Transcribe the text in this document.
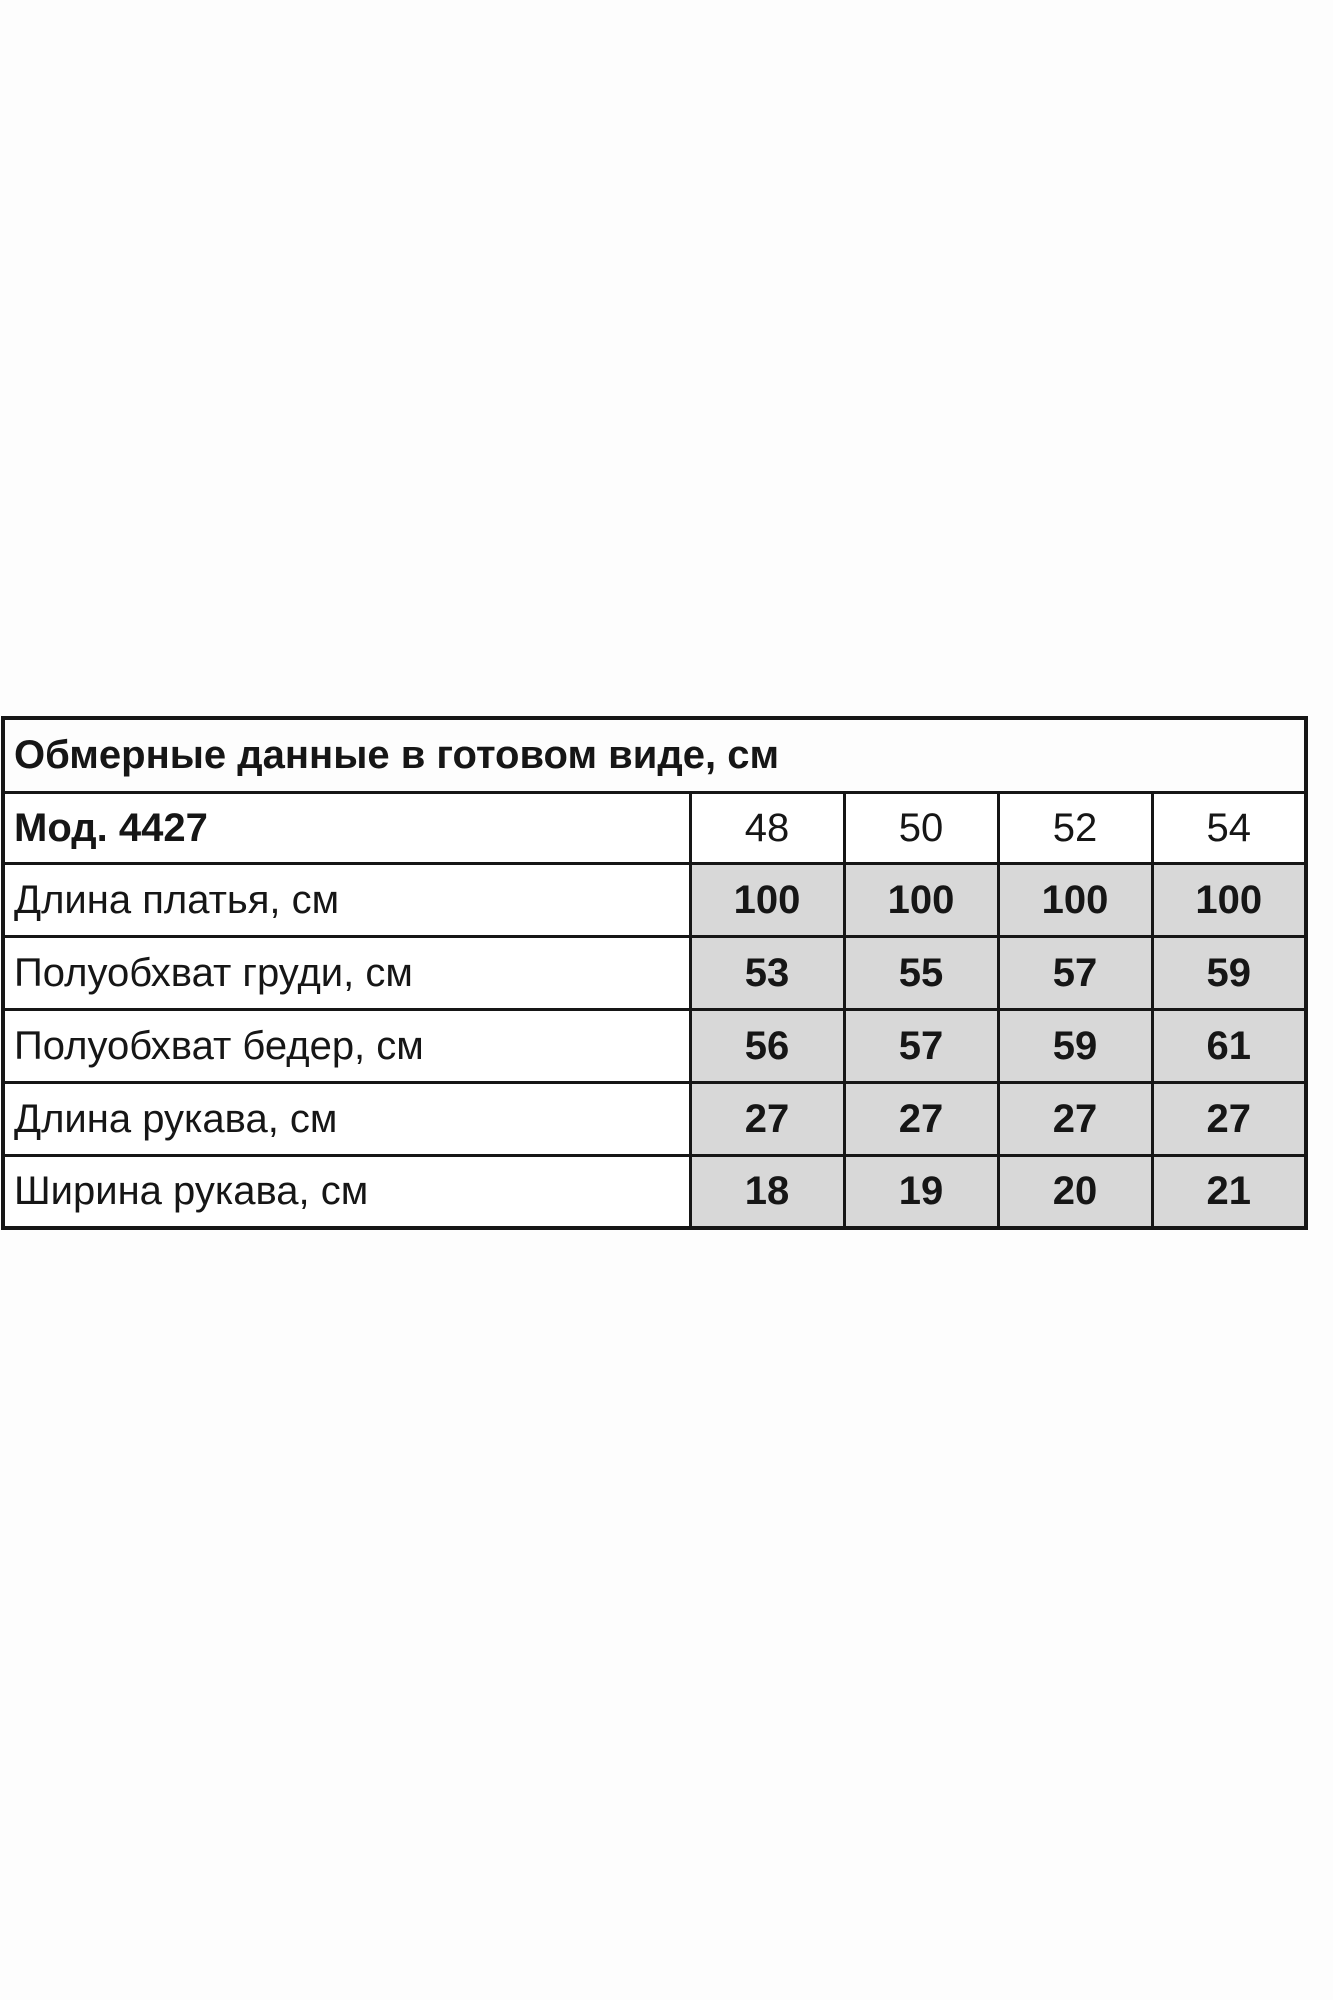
Обмерные данные в готовом виде, см				
Мод. 4427	48	50	52	54
Длина платья, см	100	100	100	100
Полуобхват груди, см	53	55	57	59
Полуобхват бедер, см	56	57	59	61
Длина рукава, см	27	27	27	27
Ширина рукава, см	18	19	20	21
